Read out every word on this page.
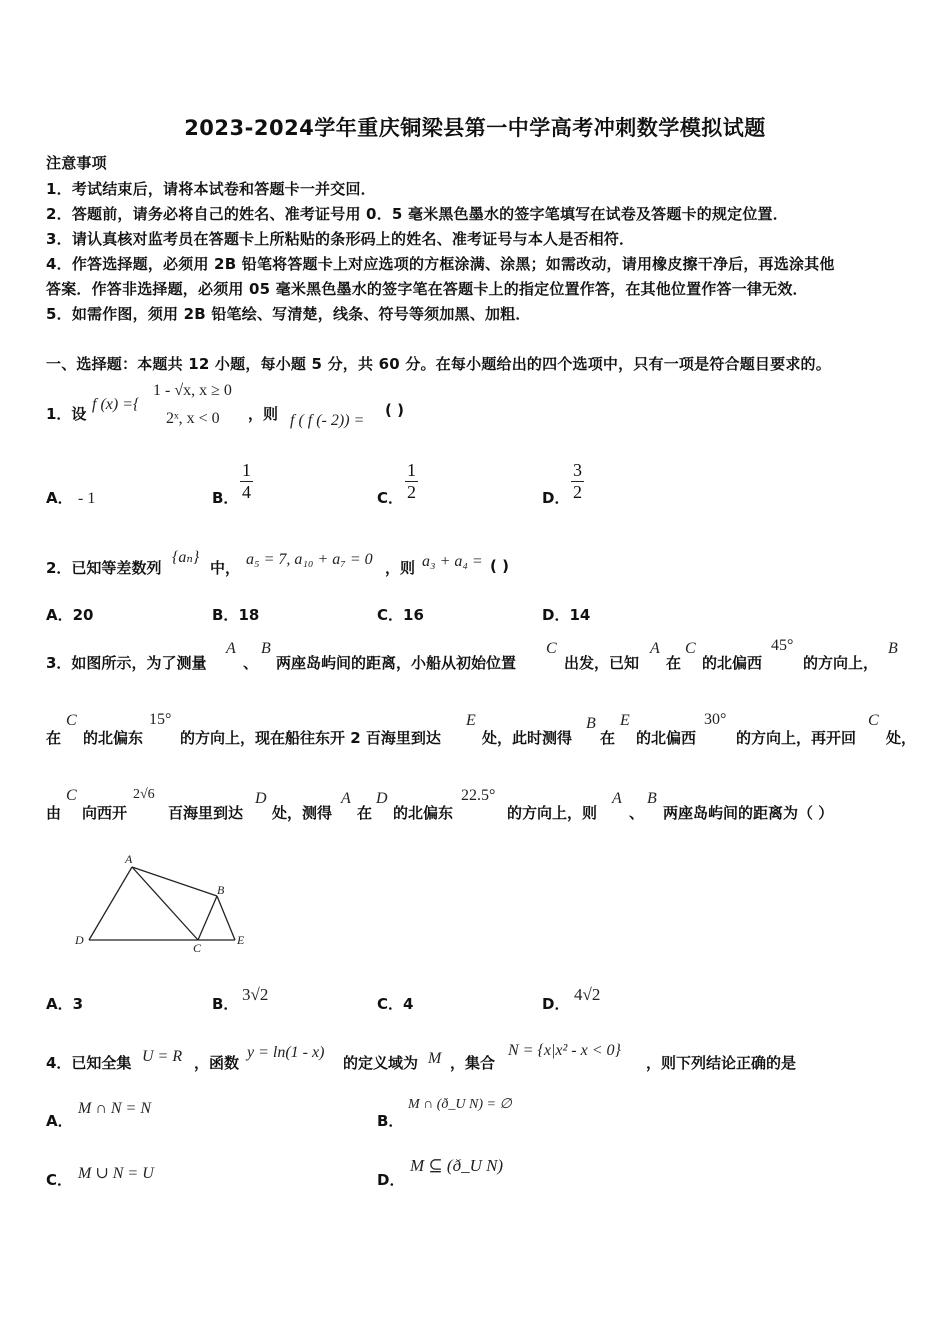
2023-2024学年重庆铜梁县第一中学高考冲刺数学模拟试题
注意事项
1．考试结束后，请将本试卷和答题卡一并交回．
2．答题前，请务必将自己的姓名、准考证号用 0．5 毫米黑色墨水的签字笔填写在试卷及答题卡的规定位置．
3．请认真核对监考员在答题卡上所粘贴的条形码上的姓名、准考证号与本人是否相符．
4．作答选择题，必须用 2B 铅笔将答题卡上对应选项的方框涂满、涂黑；如需改动，请用橡皮擦干净后，再选涂其他
答案．作答非选择题，必须用 05 毫米黑色墨水的签字笔在答题卡上的指定位置作答，在其他位置作答一律无效．
5．如需作图，须用 2B 铅笔绘、写清楚，线条、符号等须加黑、加粗．
一、选择题：本题共 12 小题，每小题 5 分，共 60 分。在每小题给出的四个选项中，只有一项是符合题目要求的。
1．设
f (x) ={
1 - √x, x ≥ 0
2ˣ, x < 0 ，则 f ( f (- 2)) =
( )
A． - 1	B．
1
4	C．
1
2	D．
3
2
2．已知等差数列
{aₙ}
中， a₅ = 7, a₁₀ + a₇ = 0 ，则 a₃ + a₄ = ( )
A．20	B．18	C．16	D．14
3．如图所示，为了测量
A
、
B
两座岛屿间的距离，小船从初始位置
C
出发，已知
A
在
C
的北偏西
45°
的方向上，
B
在
C
的北偏东
15°
的方向上，现在船往东开 2 百海里到达
E
处，此时测得
B
在
E
的北偏西
30°
的方向上，再开回
C
处，
由
C
向西开
2√6
百海里到达
D
处，测得
A
在
D
的北偏东
22.5°
的方向上，则
A
、
B
两座岛屿间的距离为（ ）
A
B
C
D	E
A．3	B． 3√2	C．4	D． 4√2
4．已知全集 U = R ，函数
y = ln(1 - x)
的定义域为 M ，集合
N = {x|x² - x < 0}
，则下列结论正确的是
A．
M ∩ N = N
B．
M ∩ (ð_U N) = ∅
C． M ∪ N = U	D．
M ⊆ (ð_U N)
